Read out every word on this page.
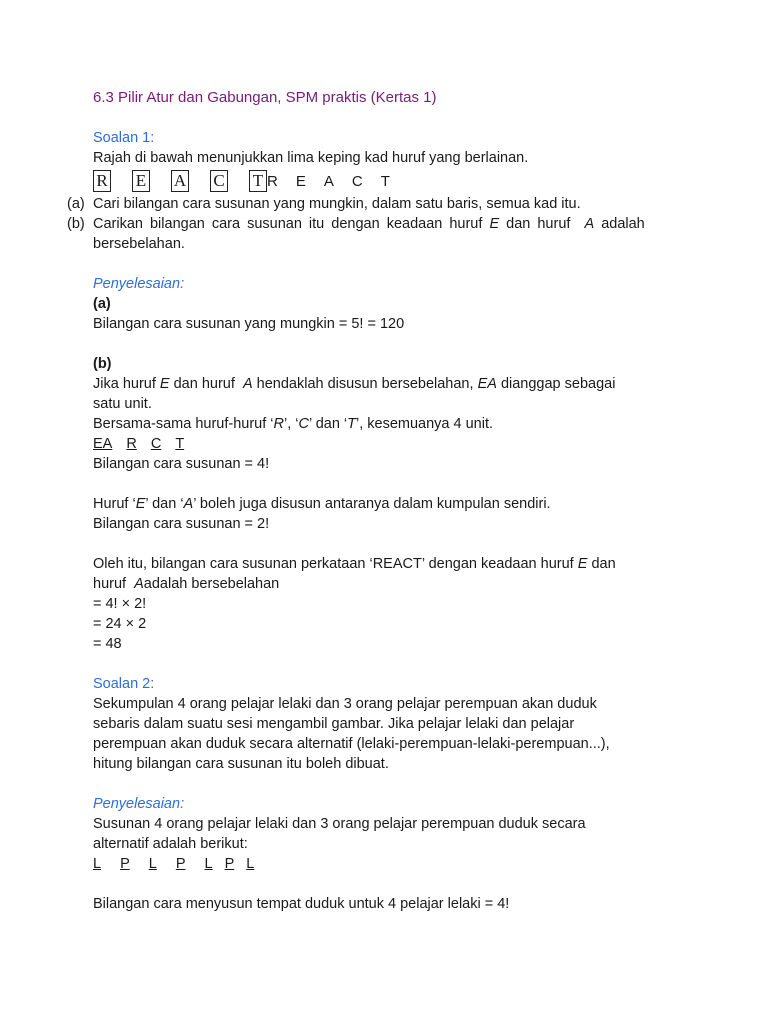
6.3 Pilir Atur dan Gabungan, SPM praktis (Kertas 1)
Soalan 1:
Rajah di bawah menunjukkan lima keping kad huruf yang berlainan.
R E A C T R E A C T
(a) Cari bilangan cara susunan yang mungkin, dalam satu baris, semua kad itu.
(b) Carikan bilangan cara susunan itu dengan keadaan huruf E dan huruf A adalah
bersebelahan.
Penyelesaian:
(a)
Bilangan cara susunan yang mungkin = 5! = 120
(b)
Jika huruf E dan huruf A hendaklah disusun bersebelahan, EA dianggap sebagai
satu unit.
Bersama-sama huruf-huruf ‘R’, ‘C’ dan ‘T’, kesemuanya 4 unit.
EA R C T
Bilangan cara susunan = 4!
Huruf ‘E’ dan ‘A’ boleh juga disusun antaranya dalam kumpulan sendiri.
Bilangan cara susunan = 2!
Oleh itu, bilangan cara susunan perkataan ‘REACT’ dengan keadaan huruf E dan
huruf Aadalah bersebelahan
= 4! × 2!
= 24 × 2
= 48
Soalan 2:
Sekumpulan 4 orang pelajar lelaki dan 3 orang pelajar perempuan akan duduk
sebaris dalam suatu sesi mengambil gambar. Jika pelajar lelaki dan pelajar
perempuan akan duduk secara alternatif (lelaki-perempuan-lelaki-perempuan...),
hitung bilangan cara susunan itu boleh dibuat.
Penyelesaian:
Susunan 4 orang pelajar lelaki dan 3 orang pelajar perempuan duduk secara
alternatif adalah berikut:
L P L P L P L
Bilangan cara menyusun tempat duduk untuk 4 pelajar lelaki = 4!
